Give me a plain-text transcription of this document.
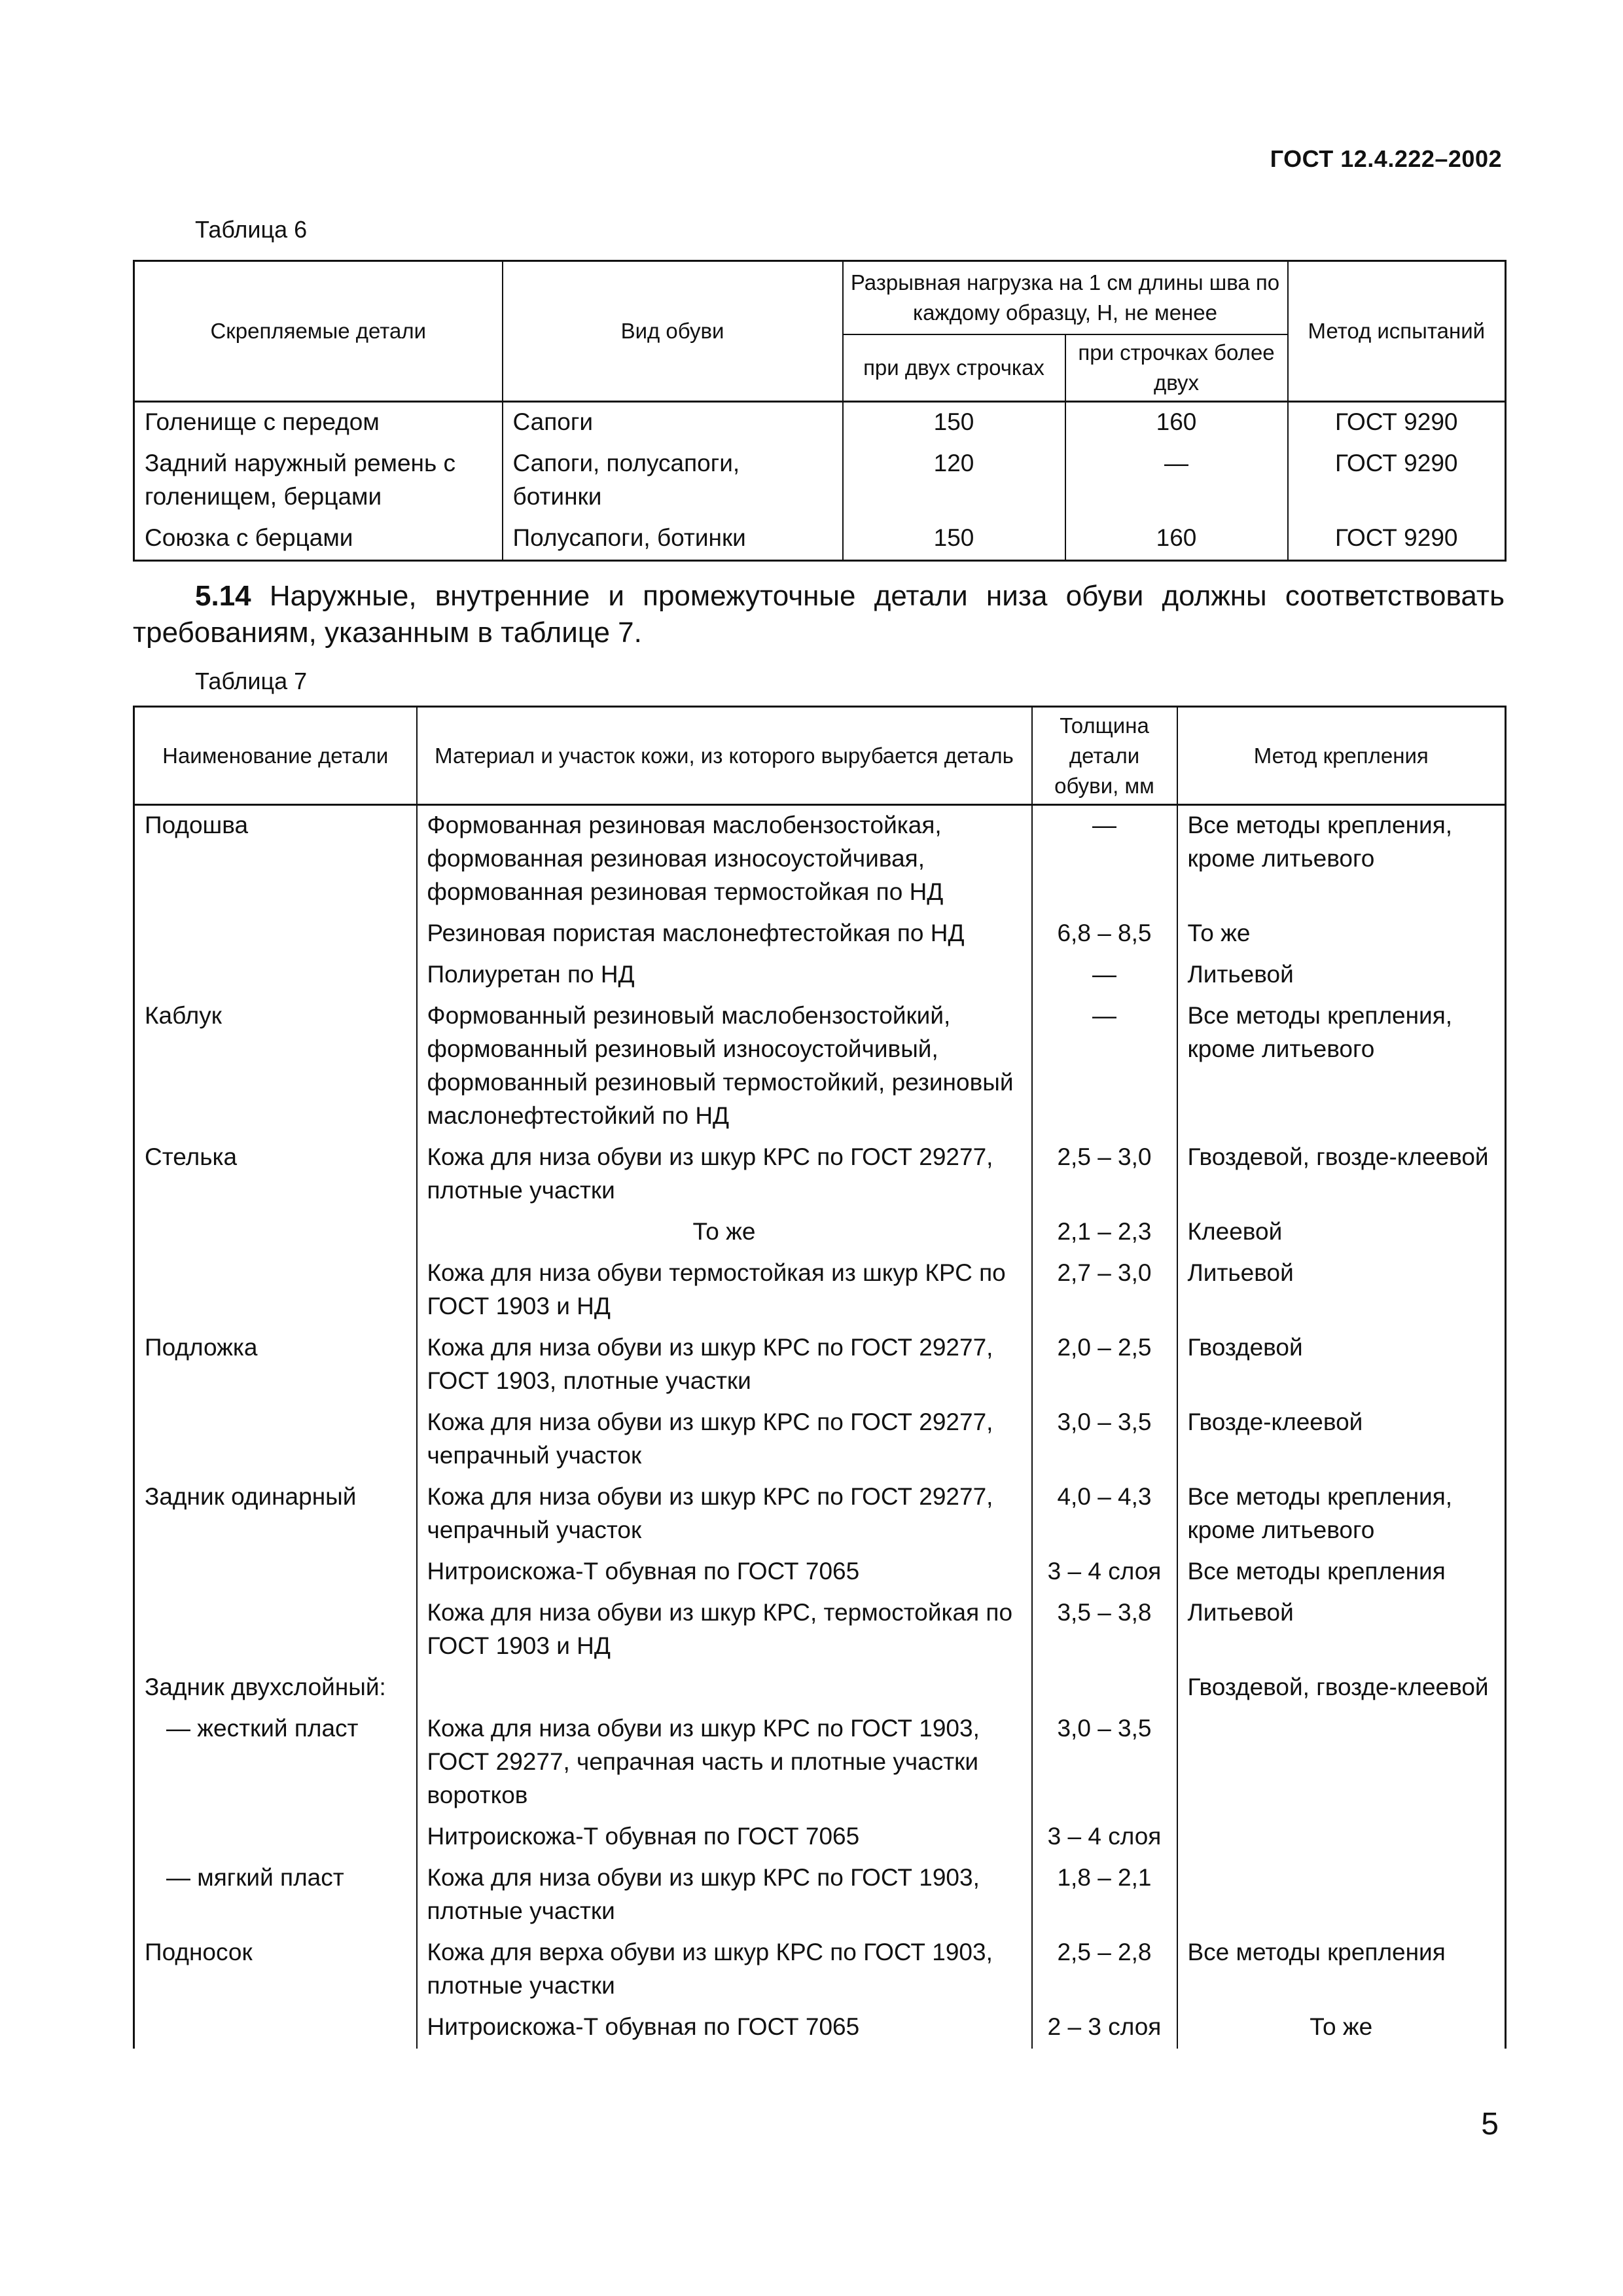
ГОСТ 12.4.222–2002
Таблица 6
Скрепляемые детали	Вид обуви	Разрывная нагрузка на 1 см длины шва по каждому образцу, Н, не менее		Метод испытаний
		при двух строчках	при строчках более двух	
Голенище с передом	Сапоги	150	160	ГОСТ 9290
Задний наружный ремень с голенищем, берцами	Сапоги, полусапоги, ботинки	120	—	ГОСТ 9290
Союзка с берцами	Полусапоги, ботинки	150	160	ГОСТ 9290
5.14 Наружные, внутренние и промежуточные детали низа обуви должны соответствовать требованиям, указанным в таблице 7.
Таблица 7
Наименование детали	Материал и участок кожи, из которого вырубается деталь	Толщина детали обуви, мм	Метод крепления
Подошва	Формованная резиновая маслобензостойкая, формованная резиновая износоустойчивая, формованная резиновая термостойкая по НД	—	Все методы крепления, кроме литьевого
	Резиновая пористая маслонефтестойкая по НД	6,8 – 8,5	То же
	Полиуретан по НД	—	Литьевой
Каблук	Формованный резиновый маслобензостойкий, формованный резиновый износоустойчивый, формованный резиновый термостойкий, резиновый маслонефтестойкий по НД	—	Все методы крепления, кроме литьевого
Стелька	Кожа для низа обуви из шкур КРС по ГОСТ 29277, плотные участки	2,5 – 3,0	Гвоздевой, гвозде-клеевой
	То же	2,1 – 2,3	Клеевой
	Кожа для низа обуви термостойкая из шкур КРС по ГОСТ 1903 и НД	2,7 – 3,0	Литьевой
Подложка	Кожа для низа обуви из шкур КРС по ГОСТ 29277, ГОСТ 1903, плотные участки	2,0 – 2,5	Гвоздевой
	Кожа для низа обуви из шкур КРС по ГОСТ 29277, чепрачный участок	3,0 – 3,5	Гвозде-клеевой
Задник одинарный	Кожа для низа обуви из шкур КРС по ГОСТ 29277, чепрачный участок	4,0 – 4,3	Все методы крепления, кроме литьевого
	Нитроискожа-Т обувная по ГОСТ 7065	3 – 4 слоя	Все методы крепления
	Кожа для низа обуви из шкур КРС, термостойкая по ГОСТ 1903 и НД	3,5 – 3,8	Литьевой
Задник двухслойный:			Гвоздевой, гвозде-клеевой
— жесткий пласт	Кожа для низа обуви из шкур КРС по ГОСТ 1903, ГОСТ 29277, чепрачная часть и плотные участки воротков	3,0 – 3,5	
	Нитроискожа-Т обувная по ГОСТ 7065	3 – 4 слоя	
— мягкий пласт	Кожа для низа обуви из шкур КРС по ГОСТ 1903, плотные участки	1,8 – 2,1	
Подносок	Кожа для верха обуви из шкур КРС по ГОСТ 1903, плотные участки	2,5 – 2,8	Все методы крепления
	Нитроискожа-Т обувная по ГОСТ 7065	2 – 3 слоя	То же
5
